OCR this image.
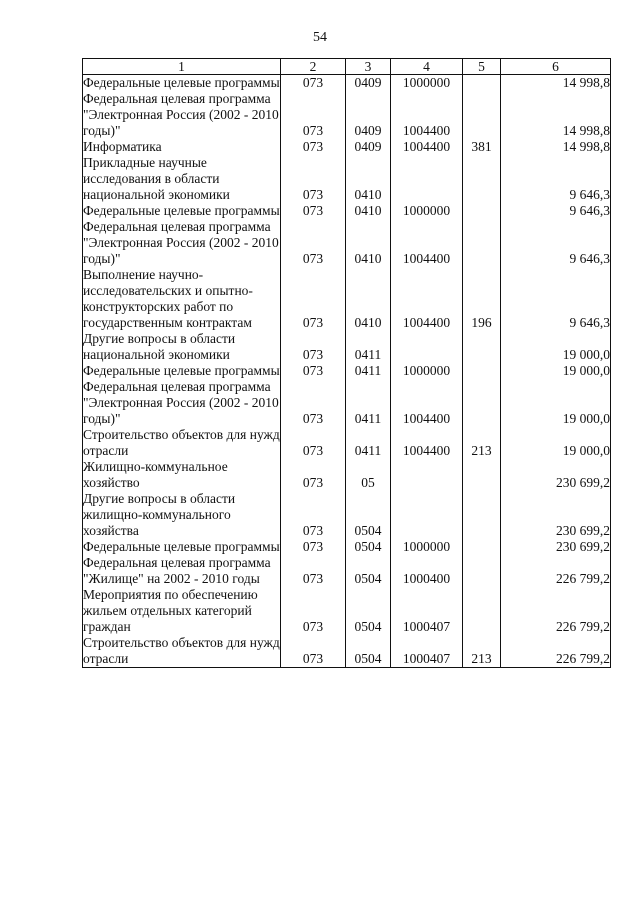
54
1	2	3	4	5	6
Федеральные целевые программы	073	0409	1000000		14 998,8
Федеральная целевая программа "Электронная Россия (2002 - 2010 годы)"	073	0409	1004400		14 998,8
Информатика	073	0409	1004400	381	14 998,8
Прикладные научные исследования в области национальной экономики	073	0410			9 646,3
Федеральные целевые программы	073	0410	1000000		9 646,3
Федеральная целевая программа "Электронная Россия (2002 - 2010 годы)"	073	0410	1004400		9 646,3
Выполнение научно-исследовательских и опытно-конструкторских работ по государственным контрактам	073	0410	1004400	196	9 646,3
Другие вопросы в области национальной экономики	073	0411			19 000,0
Федеральные целевые программы	073	0411	1000000		19 000,0
Федеральная целевая программа "Электронная Россия (2002 - 2010 годы)"	073	0411	1004400		19 000,0
Строительство объектов для нужд отрасли	073	0411	1004400	213	19 000,0
Жилищно-коммунальное хозяйство	073	05			230 699,2
Другие вопросы в области жилищно-коммунального хозяйства	073	0504			230 699,2
Федеральные целевые программы	073	0504	1000000		230 699,2
Федеральная целевая программа "Жилище" на 2002 - 2010 годы	073	0504	1000400		226 799,2
Мероприятия по обеспечению жильем отдельных категорий граждан	073	0504	1000407		226 799,2
Строительство объектов для нужд отрасли	073	0504	1000407	213	226 799,2
